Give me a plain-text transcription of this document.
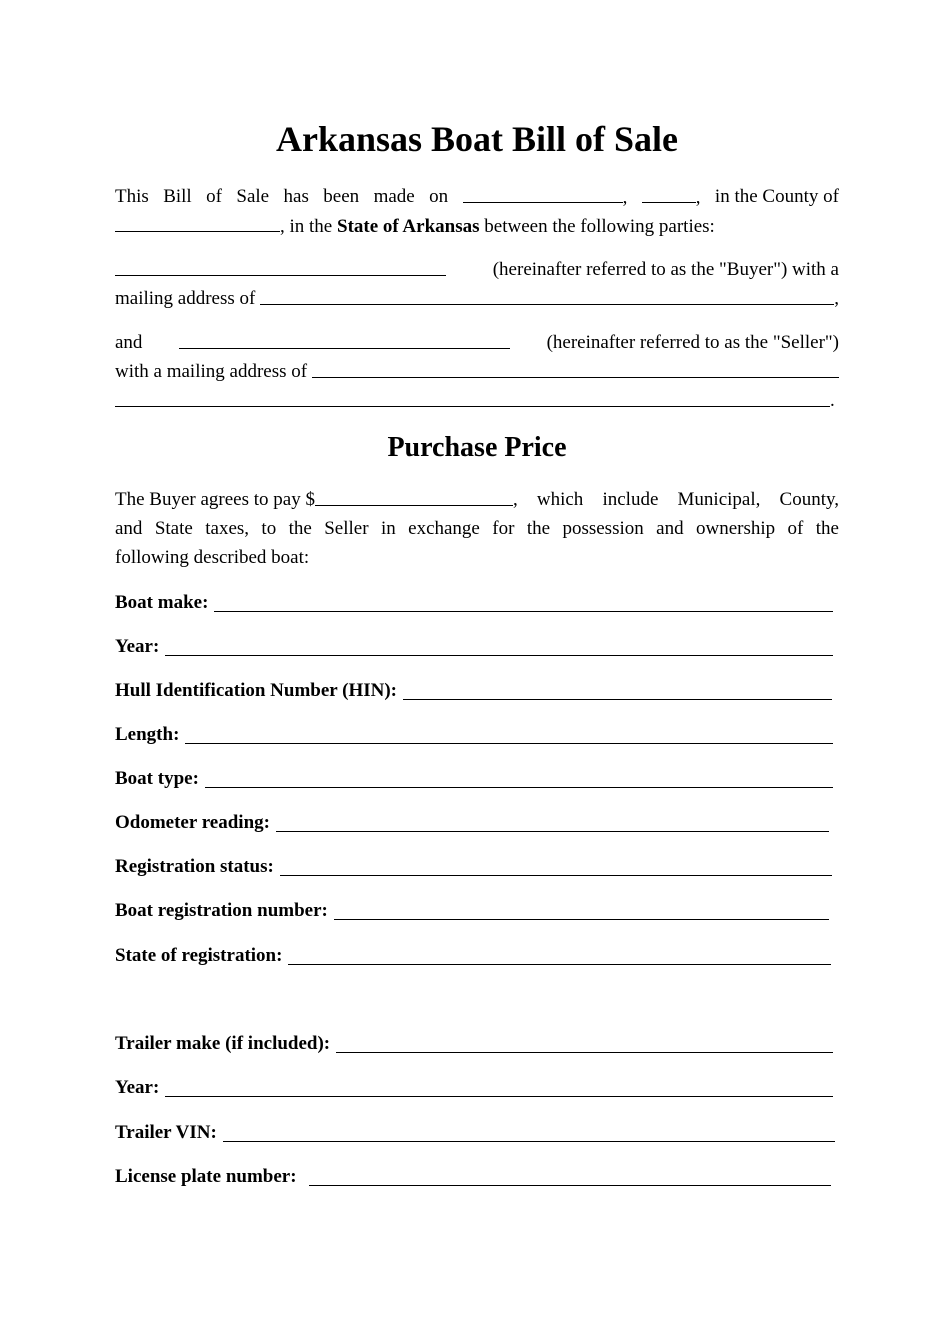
Arkansas Boat Bill of Sale
This Bill of Sale has been made on	,	, in the County of
, in the State of Arkansas between the following parties:
(hereinafter referred to as the "Buyer") with a
mailing address of	,
and	(hereinafter referred to as the "Seller")
with a mailing address of
.
Purchase Price
The Buyer agrees to pay $	, which include Municipal, County,
and State taxes, to the Seller in exchange for the possession and ownership of the
following described boat:
Boat make:
Year:
Hull Identification Number (HIN):
Length:
Boat type:
Odometer reading:
Registration status:
Boat registration number:
State of registration:
Trailer make (if included):
Year:
Trailer VIN:
License plate number:
